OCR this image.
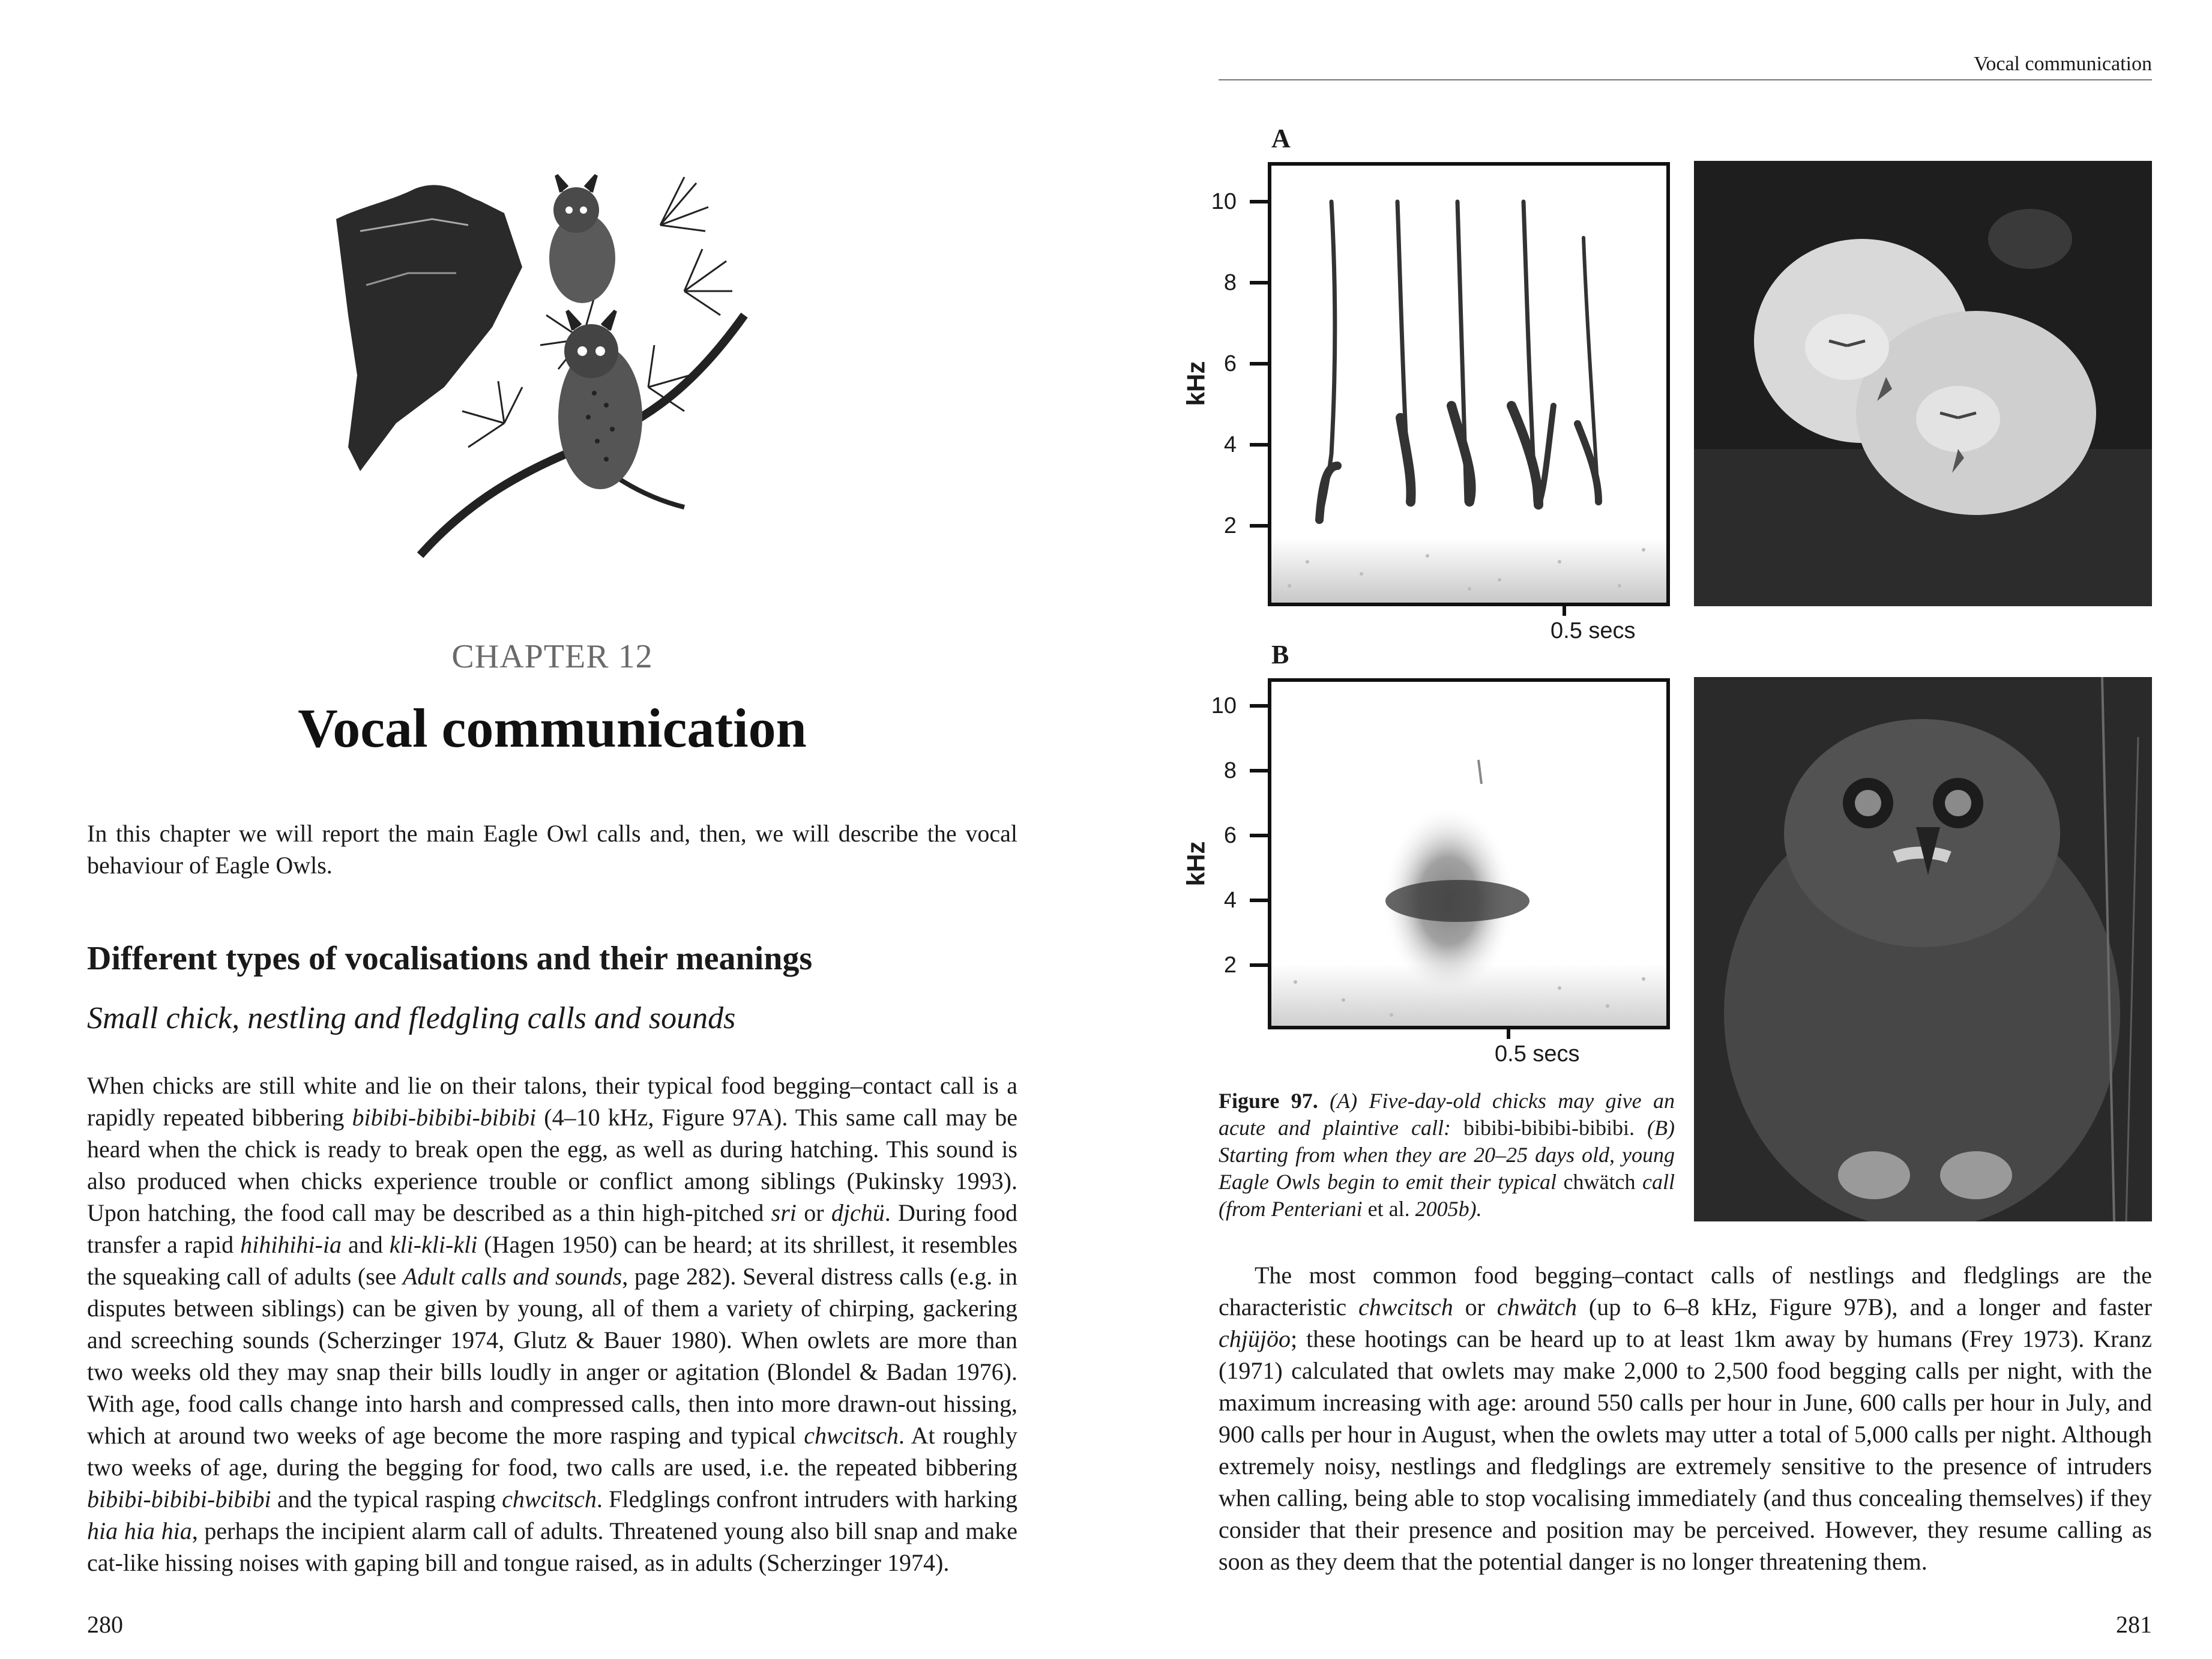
CHAPTER 12
Vocal communication
In this chapter we will report the main Eagle Owl calls and, then, we will describe the vocal behaviour of Eagle Owls.
Different types of vocalisations and their meanings
Small chick, nestling and fledgling calls and sounds
When chicks are still white and lie on their talons, their typical food begging–contact call is a rapidly repeated bibbering bibibi-bibibi-bibibi (4–10 kHz, Figure 97A). This same call may be heard when the chick is ready to break open the egg, as well as during hatching. This sound is also produced when chicks experience trouble or conflict among siblings (Pukinsky 1993). Upon hatching, the food call may be described as a thin high-pitched sri or djchü. During food transfer a rapid hihihihi-ia and kli-kli-kli (Hagen 1950) can be heard; at its shrillest, it resembles the squeaking call of adults (see Adult calls and sounds, page 282). Several distress calls (e.g. in disputes between siblings) can be given by young, all of them a variety of chirping, gackering and screeching sounds (Scherzinger 1974, Glutz & Bauer 1980). When owlets are more than two weeks old they may snap their bills loudly in anger or agitation (Blondel & Badan 1976). With age, food calls change into harsh and compressed calls, then into more drawn-out hissing, which at around two weeks of age become the more rasping and typical chwcitsch. At roughly two weeks of age, during the begging for food, two calls are used, i.e. the repeated bibbering bibibi-bibibi-bibibi and the typical rasping chwcitsch. Fledglings confront intruders with harking hia hia hia, perhaps the incipient alarm call of adults. Threatened young also bill snap and make cat-like hissing noises with gaping bill and tongue raised, as in adults (Scherzinger 1974).
280
Vocal communication
A
kHz
10
8
6
4
2
0.5 secs
B
kHz
10
8
6
4
2
0.5 secs
Figure 97. (A) Five-day-old chicks may give an acute and plaintive call: bibibi-bibibi-bibibi. (B) Starting from when they are 20–25 days old, young Eagle Owls begin to emit their typical chwätch call (from Penteriani et al. 2005b).
The most common food begging–contact calls of nestlings and fledglings are the characteristic chwcitsch or chwätch (up to 6–8 kHz, Figure 97B), and a longer and faster chjüjöo; these hootings can be heard up to at least 1km away by humans (Frey 1973). Kranz (1971) calculated that owlets may make 2,000 to 2,500 food begging calls per night, with the maximum increasing with age: around 550 calls per hour in June, 600 calls per hour in July, and 900 calls per hour in August, when the owlets may utter a total of 5,000 calls per night. Although extremely noisy, nestlings and fledglings are extremely sensitive to the presence of intruders when calling, being able to stop vocalising immediately (and thus concealing themselves) if they consider that their presence and position may be perceived. However, they resume calling as soon as they deem that the potential danger is no longer threatening them.
281
